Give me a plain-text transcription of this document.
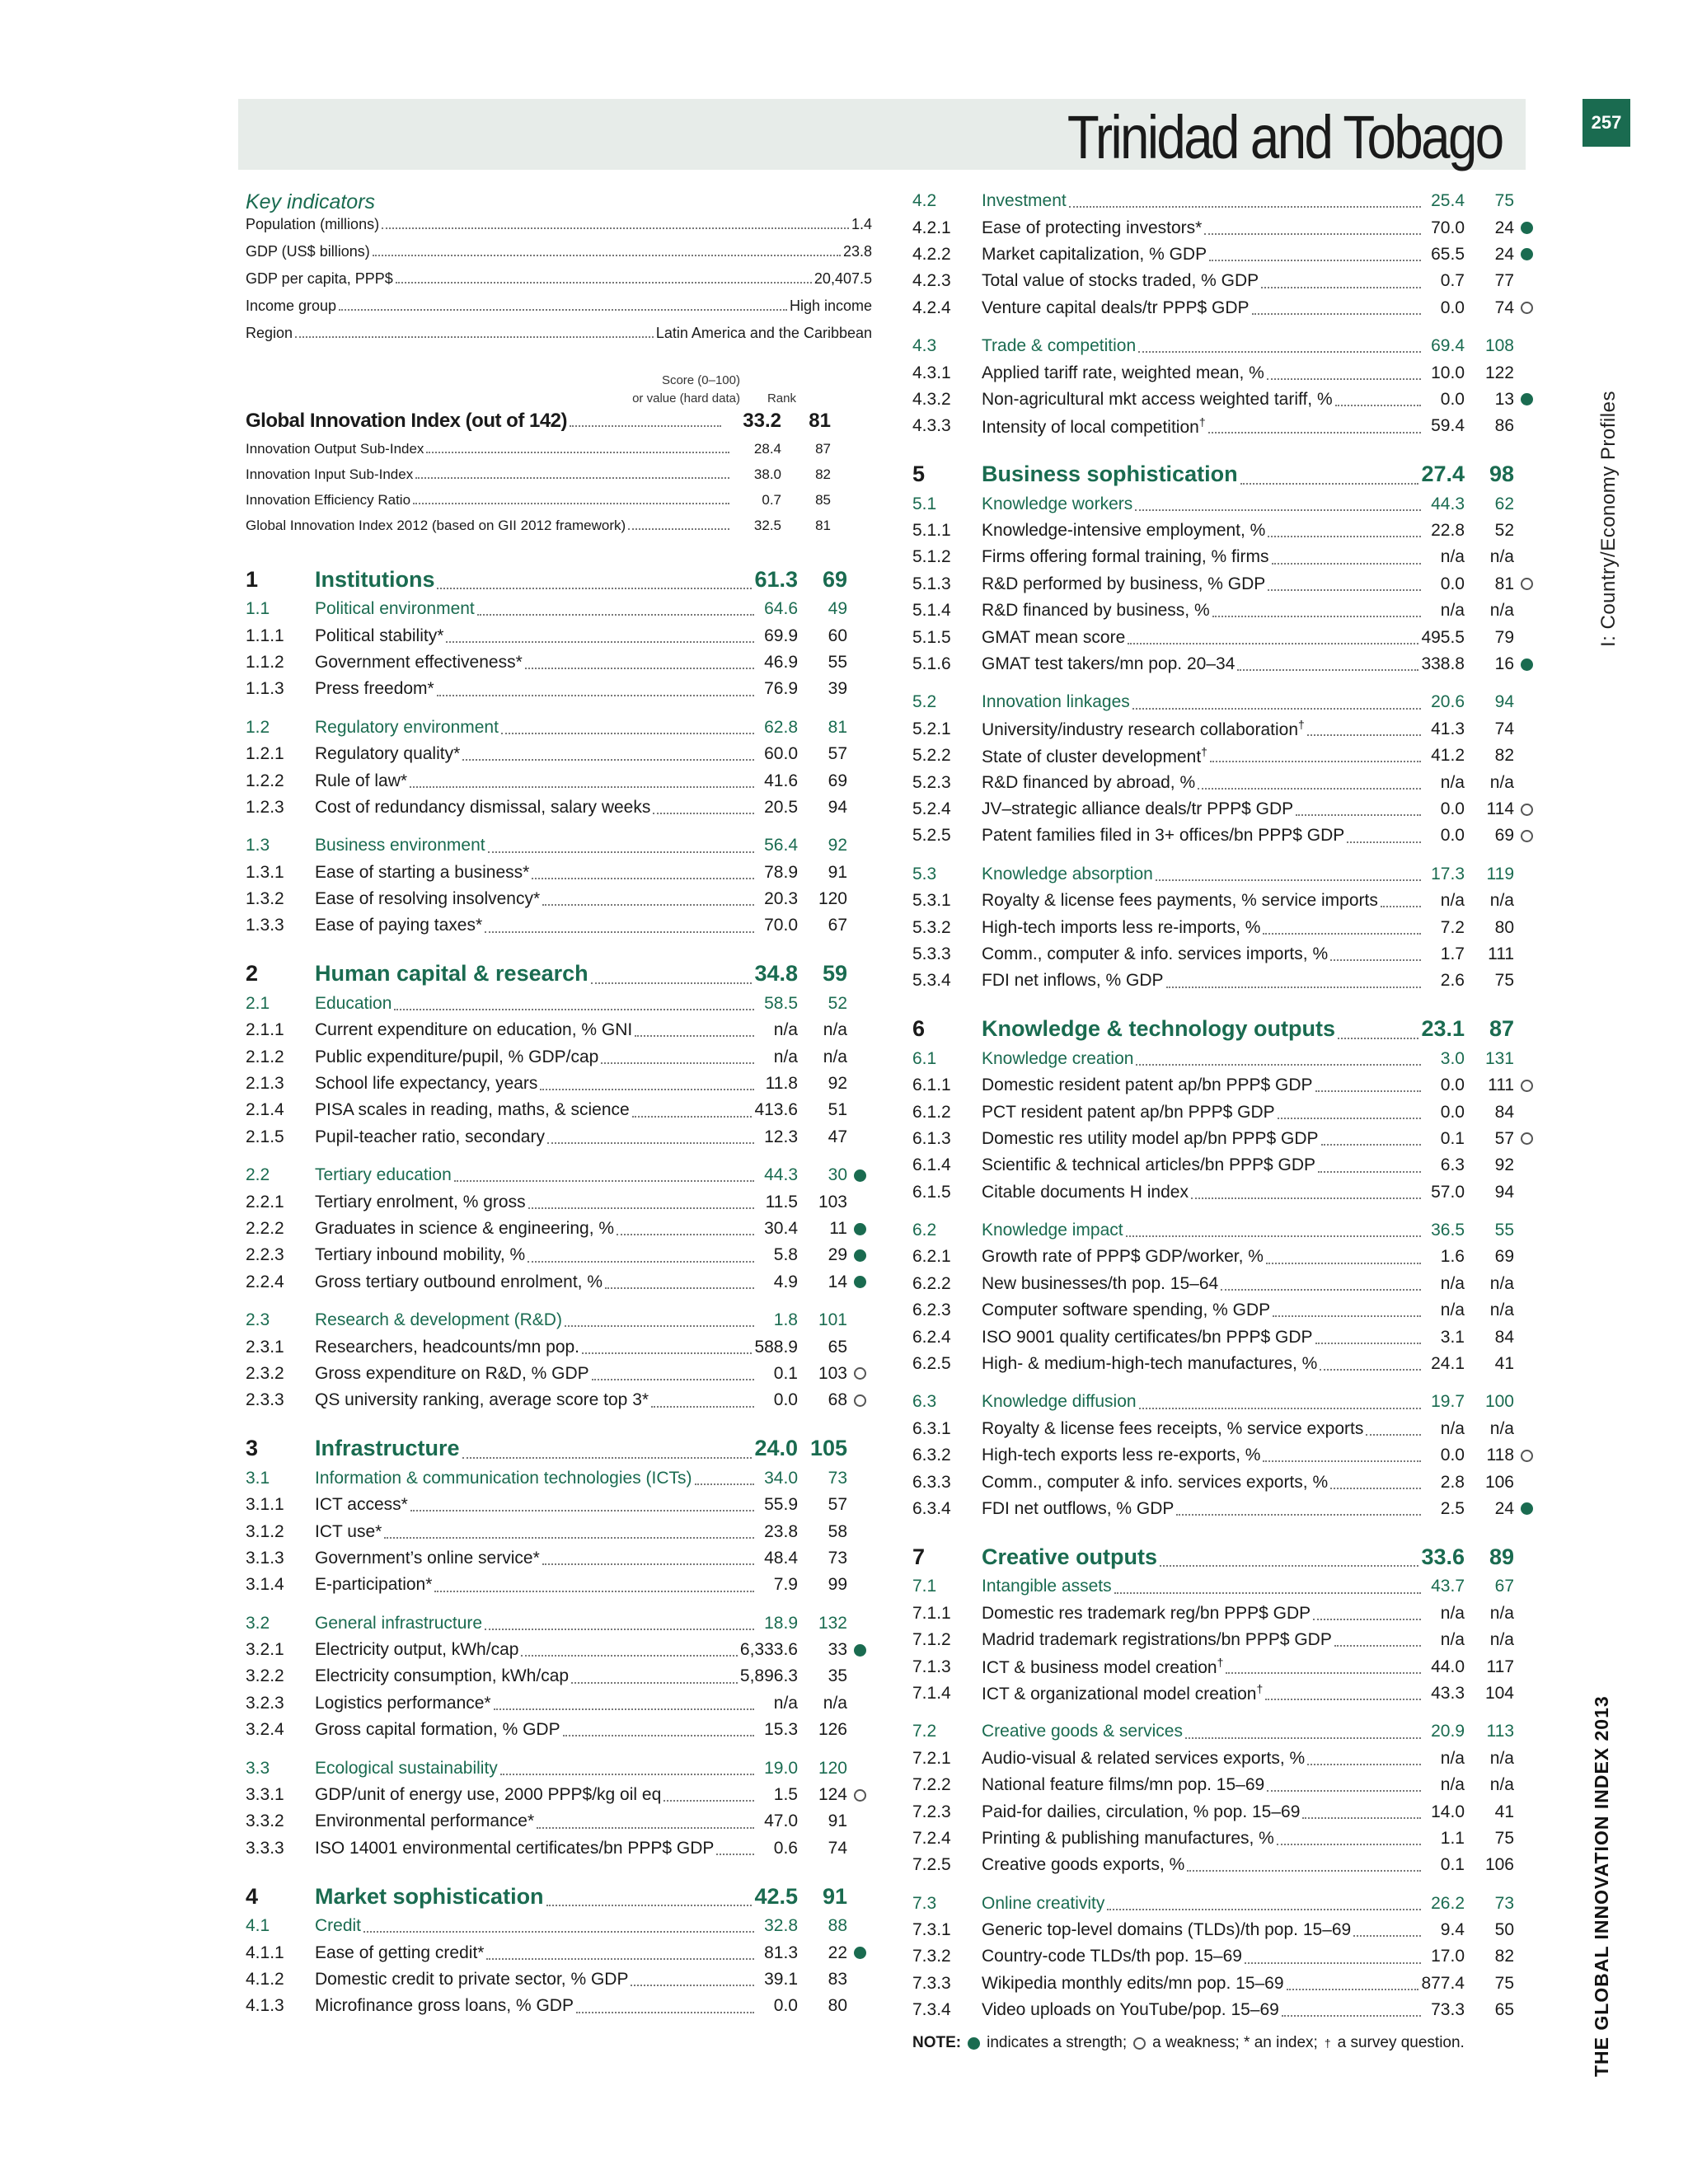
Trinidad and Tobago	257
I: Country/Economy Profiles
THE GLOBAL INNOVATION INDEX 2013
Key indicators
Population (millions)	1.4
GDP (US$ billions)	23.8
GDP per capita, PPP$	20,407.5
Income group	High income
Region	Latin America and the Caribbean
Score (0–100)
or value (hard data) Rank
Global Innovation Index (out of 142)	33.2	81
Innovation Output Sub-Index	28.4	87
Innovation Input Sub-Index	38.0	82
Innovation Efficiency Ratio	0.7	85
Global Innovation Index 2012 (based on GII 2012 framework)	32.5	81
1	Institutions	61.3	69
1.1	Political environment	64.6	49
1.1.1	Political stability*	69.9	60
1.1.2	Government effectiveness*	46.9	55
1.1.3	Press freedom*	76.9	39
1.2	Regulatory environment	62.8	81
1.2.1	Regulatory quality*	60.0	57
1.2.2	Rule of law*	41.6	69
1.2.3	Cost of redundancy dismissal, salary weeks	20.5	94
1.3	Business environment	56.4	92
1.3.1	Ease of starting a business*	78.9	91
1.3.2	Ease of resolving insolvency*	20.3	120
1.3.3	Ease of paying taxes*	70.0	67
2	Human capital & research	34.8	59
2.1	Education	58.5	52
2.1.1	Current expenditure on education, % GNI	n/a	n/a
2.1.2	Public expenditure/pupil, % GDP/cap	n/a	n/a
2.1.3	School life expectancy, years	11.8	92
2.1.4	PISA scales in reading, maths, & science	413.6	51
2.1.5	Pupil-teacher ratio, secondary	12.3	47
2.2	Tertiary education	44.3	30
2.2.1	Tertiary enrolment, % gross	11.5	103
2.2.2	Graduates in science & engineering, %	30.4	11
2.2.3	Tertiary inbound mobility, %	5.8	29
2.2.4	Gross tertiary outbound enrolment, %	4.9	14
2.3	Research & development (R&D)	1.8	101
2.3.1	Researchers, headcounts/mn pop.	588.9	65
2.3.2	Gross expenditure on R&D, % GDP	0.1	103
2.3.3	QS university ranking, average score top 3*	0.0	68
3	Infrastructure	24.0 105
3.1	Information & communication technologies (ICTs)	34.0	73
3.1.1	ICT access*	55.9	57
3.1.2	ICT use*	23.8	58
3.1.3	Government’s online service*	48.4	73
3.1.4	E-participation*	7.9	99
3.2	General infrastructure	18.9	132
3.2.1	Electricity output, kWh/cap	6,333.6	33
3.2.2	Electricity consumption, kWh/cap	5,896.3	35
3.2.3	Logistics performance*	n/a	n/a
3.2.4	Gross capital formation, % GDP	15.3	126
3.3	Ecological sustainability	19.0	120
3.3.1	GDP/unit of energy use, 2000 PPP$/kg oil eq	1.5	124
3.3.2	Environmental performance*	47.0	91
3.3.3	ISO 14001 environmental certificates/bn PPP$ GDP	0.6	74
4	Market sophistication	42.5	91
4.1	Credit	32.8	88
4.1.1	Ease of getting credit*	81.3	22
4.1.2	Domestic credit to private sector, % GDP	39.1	83
4.1.3	Microfinance gross loans, % GDP	0.0	80
4.2	Investment	25.4	75
4.2.1	Ease of protecting investors*	70.0	24
4.2.2	Market capitalization, % GDP	65.5	24
4.2.3	Total value of stocks traded, % GDP	0.7	77
4.2.4	Venture capital deals/tr PPP$ GDP	0.0	74
4.3	Trade & competition	69.4	108
4.3.1	Applied tariff rate, weighted mean, %	10.0	122
4.3.2	Non-agricultural mkt access weighted tariff, %	0.0	13
4.3.3	Intensity of local competition†	59.4	86
5	Business sophistication	27.4	98
5.1	Knowledge workers	44.3	62
5.1.1	Knowledge-intensive employment, %	22.8	52
5.1.2	Firms offering formal training, % firms	n/a	n/a
5.1.3	R&D performed by business, % GDP	0.0	81
5.1.4	R&D financed by business, %	n/a	n/a
5.1.5	GMAT mean score	495.5	79
5.1.6	GMAT test takers/mn pop. 20–34	338.8	16
5.2	Innovation linkages	20.6	94
5.2.1	University/industry research collaboration†	41.3	74
5.2.2	State of cluster development†	41.2	82
5.2.3	R&D financed by abroad, %	n/a	n/a
5.2.4	JV–strategic alliance deals/tr PPP$ GDP	0.0	114
5.2.5	Patent families filed in 3+ offices/bn PPP$ GDP	0.0	69
5.3	Knowledge absorption	17.3	119
5.3.1	Royalty & license fees payments, % service imports	n/a	n/a
5.3.2	High-tech imports less re-imports, %	7.2	80
5.3.3	Comm., computer & info. services imports, %	1.7	111
5.3.4	FDI net inflows, % GDP	2.6	75
6	Knowledge & technology outputs	23.1	87
6.1	Knowledge creation	3.0	131
6.1.1	Domestic resident patent ap/bn PPP$ GDP	0.0	111
6.1.2	PCT resident patent ap/bn PPP$ GDP	0.0	84
6.1.3	Domestic res utility model ap/bn PPP$ GDP	0.1	57
6.1.4	Scientific & technical articles/bn PPP$ GDP	6.3	92
6.1.5	Citable documents H index	57.0	94
6.2	Knowledge impact	36.5	55
6.2.1	Growth rate of PPP$ GDP/worker, %	1.6	69
6.2.2	New businesses/th pop. 15–64	n/a	n/a
6.2.3	Computer software spending, % GDP	n/a	n/a
6.2.4	ISO 9001 quality certificates/bn PPP$ GDP	3.1	84
6.2.5	High- & medium-high-tech manufactures, %	24.1	41
6.3	Knowledge diffusion	19.7	100
6.3.1	Royalty & license fees receipts, % service exports	n/a	n/a
6.3.2	High-tech exports less re-exports, %	0.0	118
6.3.3	Comm., computer & info. services exports, %	2.8	106
6.3.4	FDI net outflows, % GDP	2.5	24
7	Creative outputs	33.6	89
7.1	Intangible assets	43.7	67
7.1.1	Domestic res trademark reg/bn PPP$ GDP	n/a	n/a
7.1.2	Madrid trademark registrations/bn PPP$ GDP	n/a	n/a
7.1.3	ICT & business model creation†	44.0	117
7.1.4	ICT & organizational model creation†	43.3	104
7.2	Creative goods & services	20.9	113
7.2.1	Audio-visual & related services exports, %	n/a	n/a
7.2.2	National feature films/mn pop. 15–69	n/a	n/a
7.2.3	Paid-for dailies, circulation, % pop. 15–69	14.0	41
7.2.4	Printing & publishing manufactures, %	1.1	75
7.2.5	Creative goods exports, %	0.1	106
7.3	Online creativity	26.2	73
7.3.1	Generic top-level domains (TLDs)/th pop. 15–69	9.4	50
7.3.2	Country-code TLDs/th pop. 15–69	17.0	82
7.3.3	Wikipedia monthly edits/mn pop. 15–69	877.4	75
7.3.4	Video uploads on YouTube/pop. 15–69	73.3	65
NOTE: indicates a strength; a weakness; * an index; † a survey question.
